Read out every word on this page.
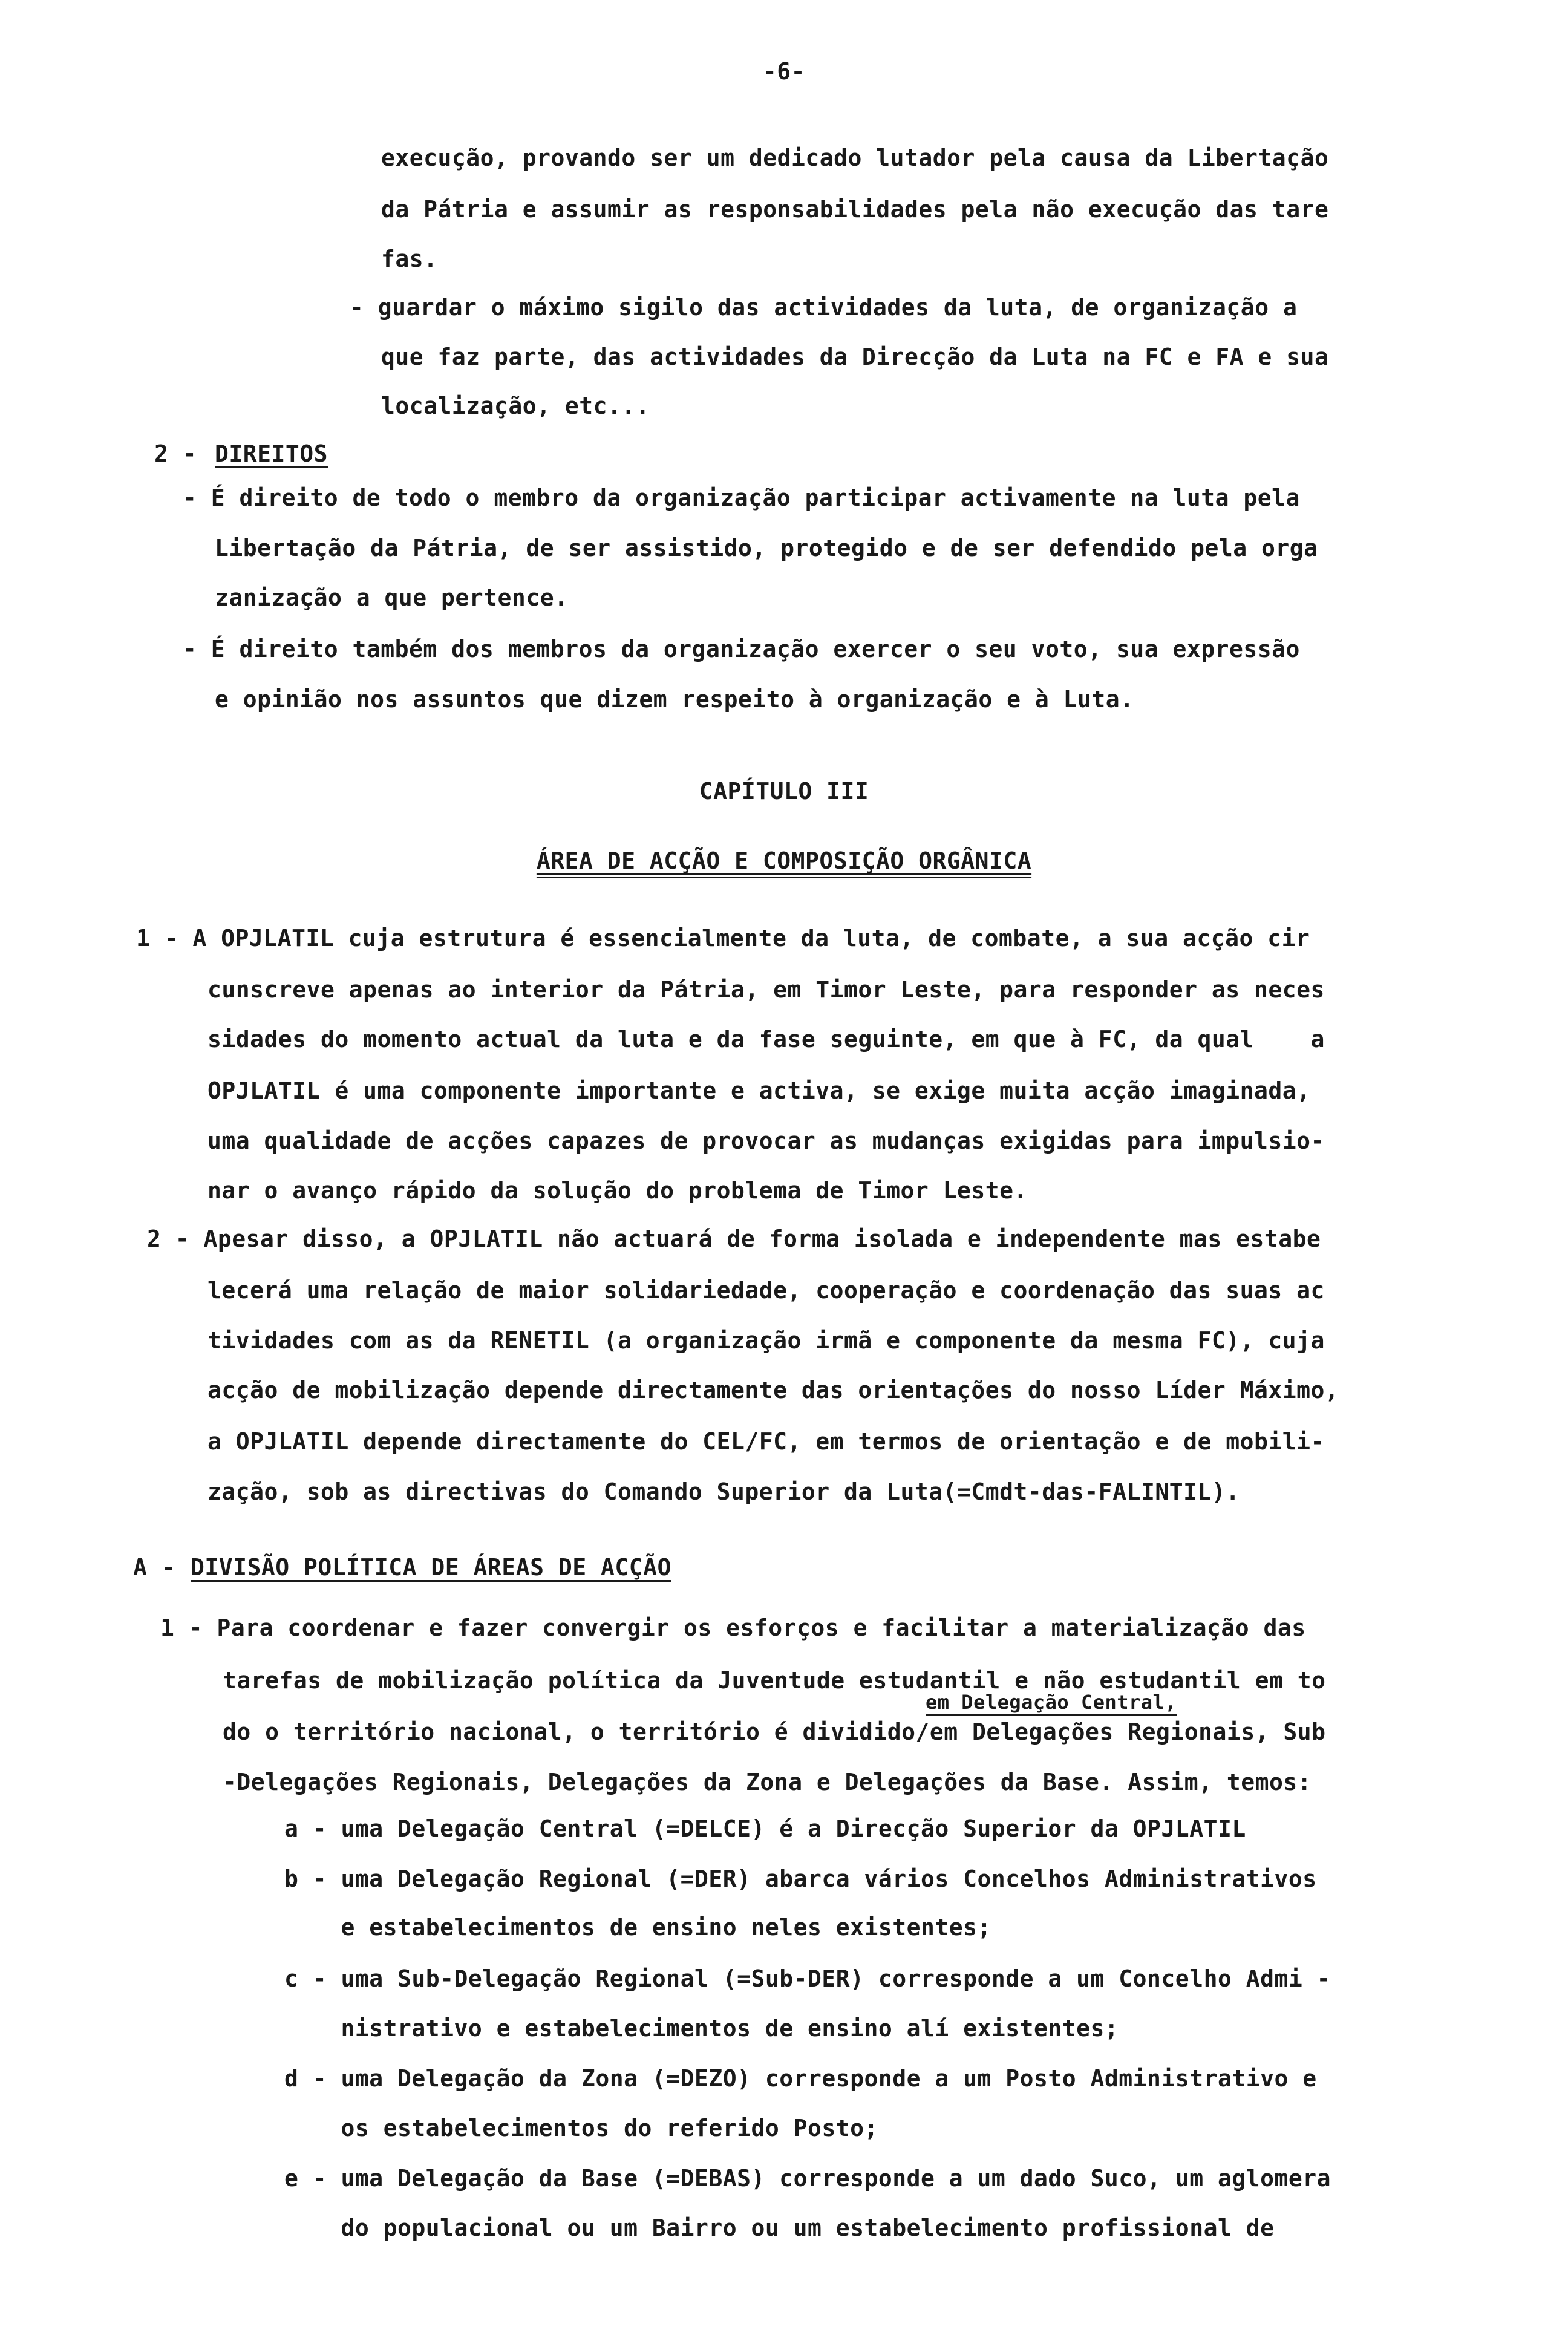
-6-
execução, provando ser um dedicado lutador pela causa da Libertação
da Pátria e assumir as responsabilidades pela não execução das tare
fas.
- guardar o máximo sigilo das actividades da luta, de organização a
que faz parte, das actividades da Direcção da Luta na FC e FA e sua
localização, etc...
2 - DIREITOS
- É direito de todo o membro da organização participar activamente na luta pela
Libertação da Pátria, de ser assistido, protegido e de ser defendido pela orga
zanização a que pertence.
- É direito também dos membros da organização exercer o seu voto, sua expressão
e opinião nos assuntos que dizem respeito à organização e à Luta.
CAPÍTULO III
ÁREA DE ACÇÃO E COMPOSIÇÃO ORGÂNICA
1 - A OPJLATIL cuja estrutura é essencialmente da luta, de combate, a sua acção cir
cunscreve apenas ao interior da Pátria, em Timor Leste, para responder as neces
sidades do momento actual da luta e da fase seguinte, em que à FC, da qual    a
OPJLATIL é uma componente importante e activa, se exige muita acção imaginada,
uma qualidade de acções capazes de provocar as mudanças exigidas para impulsio-
nar o avanço rápido da solução do problema de Timor Leste.
2 - Apesar disso, a OPJLATIL não actuará de forma isolada e independente mas estabe
lecerá uma relação de maior solidariedade, cooperação e coordenação das suas ac
tividades com as da RENETIL (a organização irmã e componente da mesma FC), cuja
acção de mobilização depende directamente das orientações do nosso Líder Máximo,
a OPJLATIL depende directamente do CEL/FC, em termos de orientação e de mobili-
zação, sob as directivas do Comando Superior da Luta(=Cmdt-das-FALINTIL).
A - DIVISÃO POLÍTICA DE ÁREAS DE ACÇÃO
1 - Para coordenar e fazer convergir os esforços e facilitar a materialização das
tarefas de mobilização política da Juventude estudantil e não estudantil em to
em Delegação Central,
do o território nacional, o território é dividido/em Delegações Regionais, Sub
-Delegações Regionais, Delegações da Zona e Delegações da Base. Assim, temos:
a - uma Delegação Central (=DELCE) é a Direcção Superior da OPJLATIL
b - uma Delegação Regional (=DER) abarca vários Concelhos Administrativos
e estabelecimentos de ensino neles existentes;
c - uma Sub-Delegação Regional (=Sub-DER) corresponde a um Concelho Admi -
nistrativo e estabelecimentos de ensino alí existentes;
d - uma Delegação da Zona (=DEZO) corresponde a um Posto Administrativo e
os estabelecimentos do referido Posto;
e - uma Delegação da Base (=DEBAS) corresponde a um dado Suco, um aglomera
do populacional ou um Bairro ou um estabelecimento profissional de
